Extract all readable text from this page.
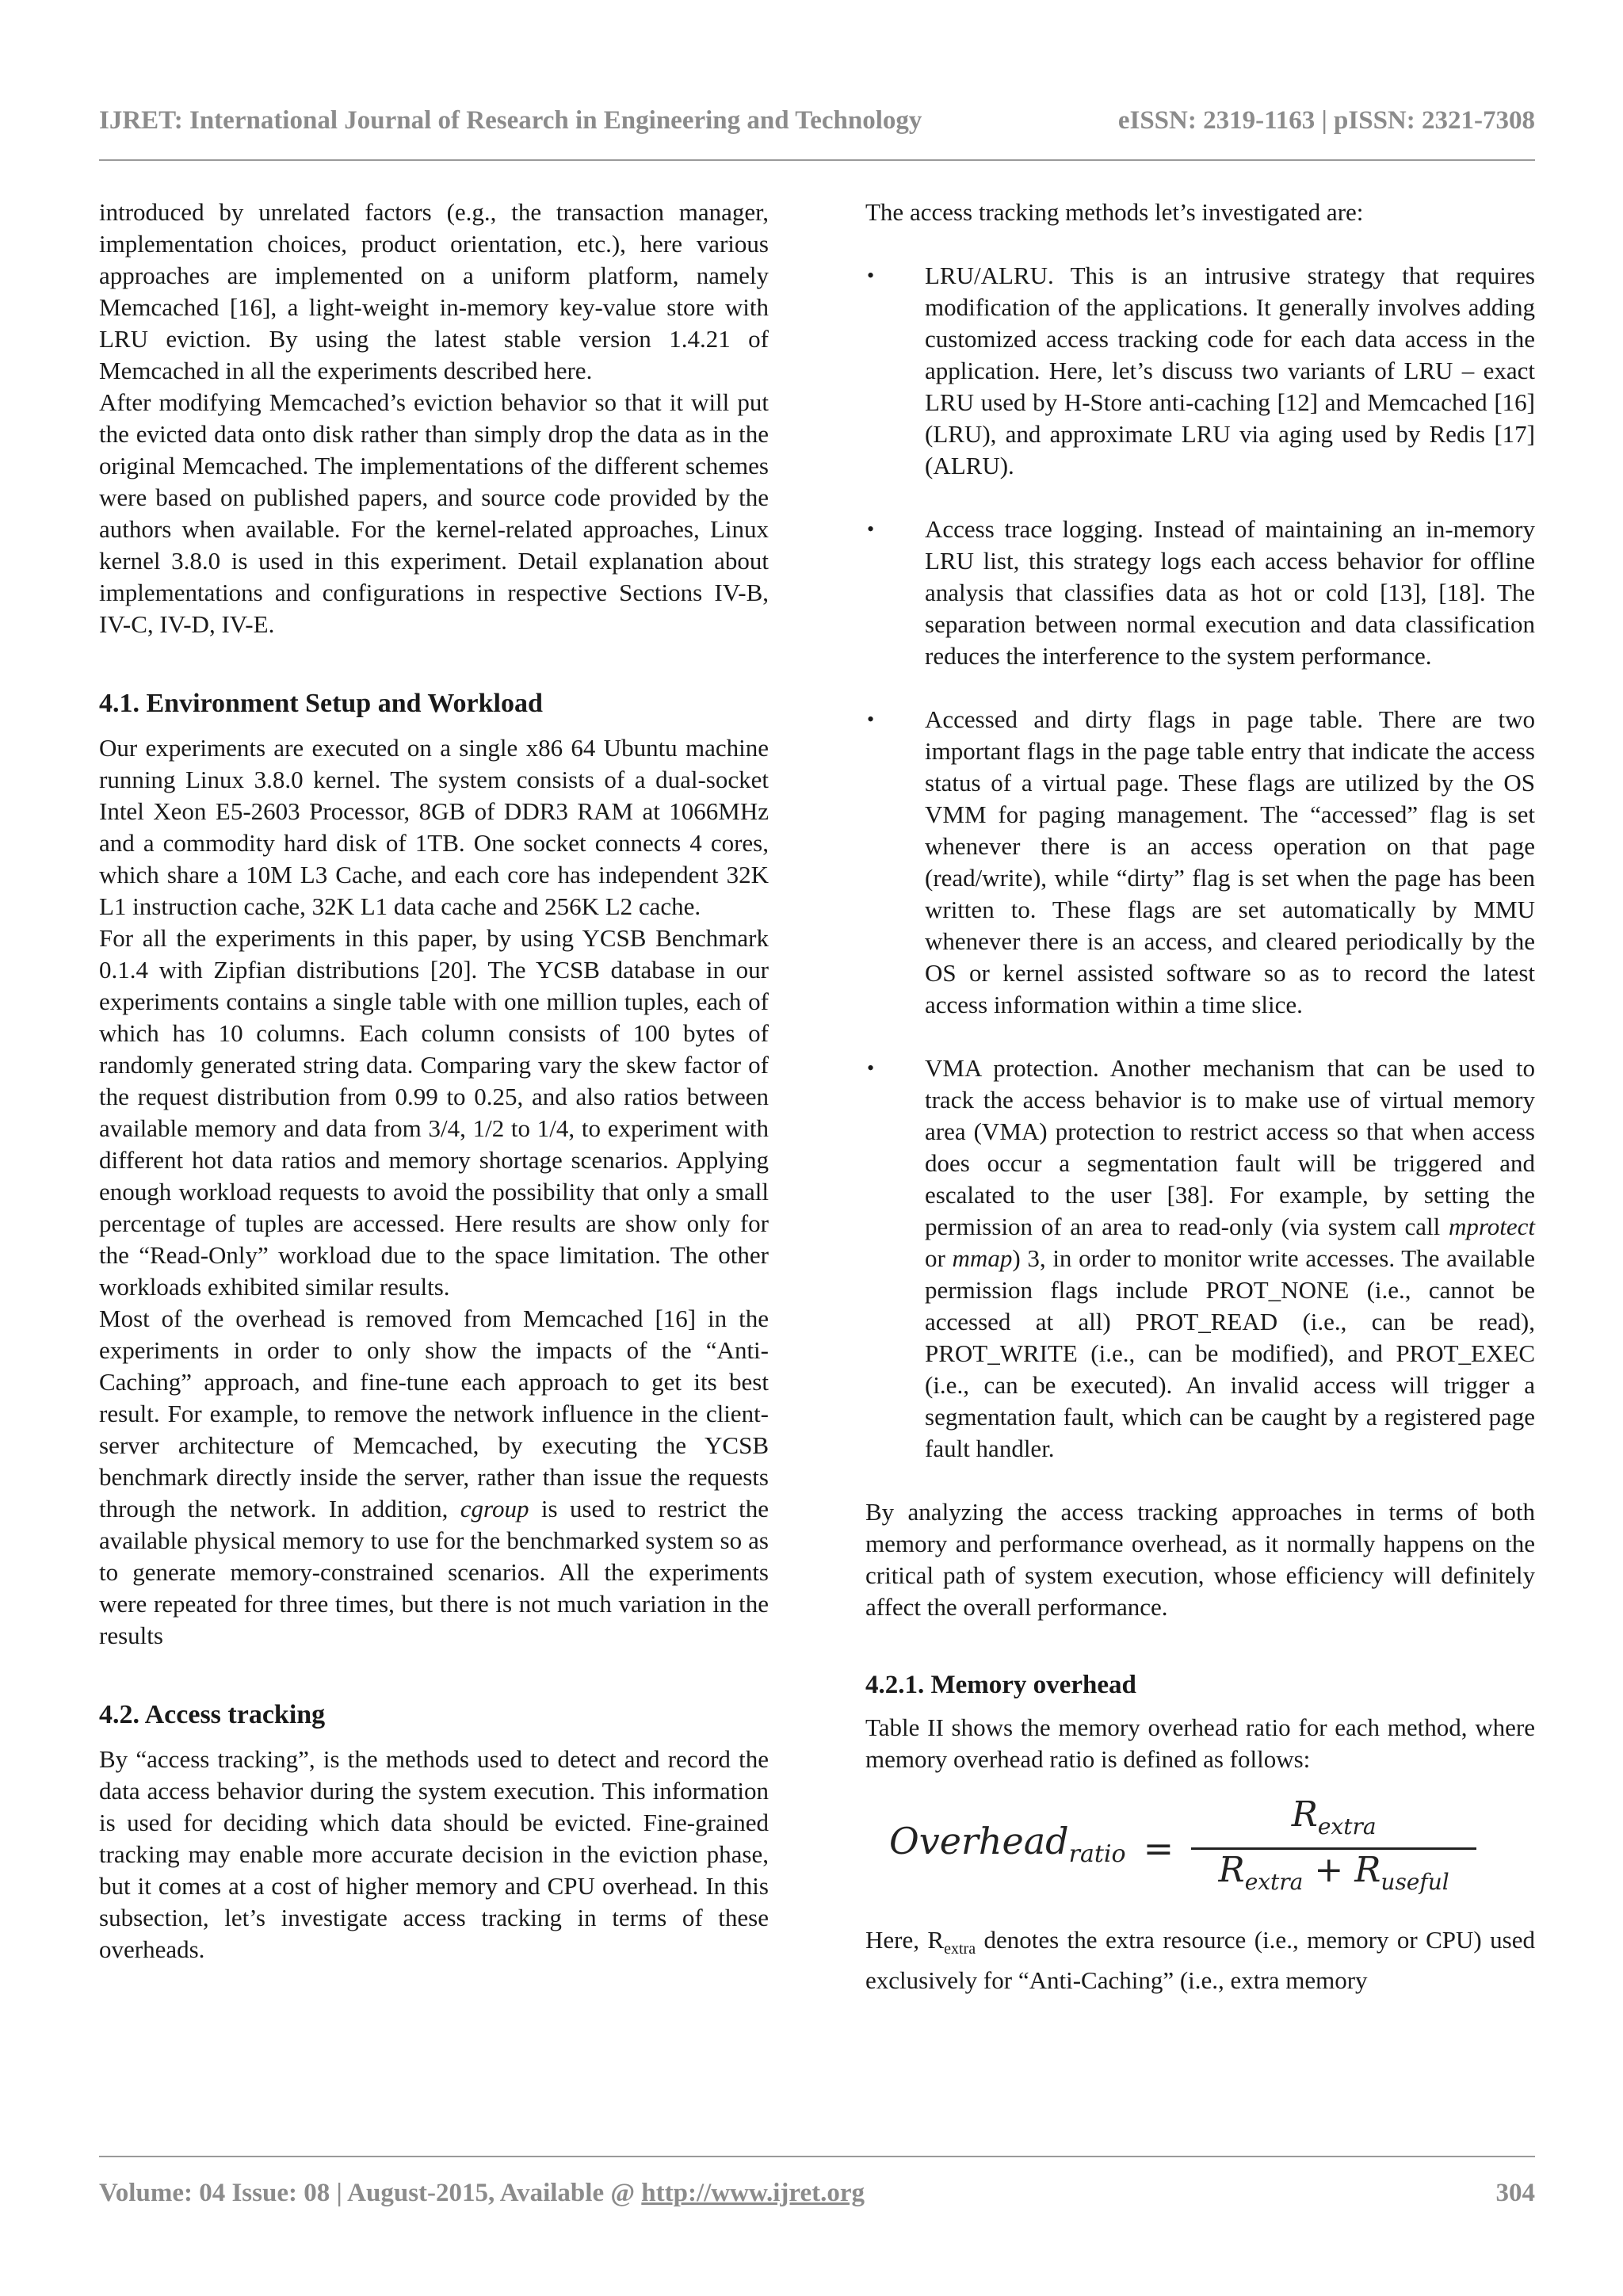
IJRET: International Journal of Research in Engineering and Technology	eISSN: 2319-1163 | pISSN: 2321-7308

introduced by unrelated factors (e.g., the transaction manager, implementation choices, product orientation, etc.), here various approaches are implemented on a uniform platform, namely Memcached [16], a light-weight in-memory key-value store with LRU eviction. By using the latest stable version 1.4.21 of Memcached in all the experiments described here.

After modifying Memcached’s eviction behavior so that it will put the evicted data onto disk rather than simply drop the data as in the original Memcached. The implementations of the different schemes were based on published papers, and source code provided by the authors when available. For the kernel-related approaches, Linux kernel 3.8.0 is used in this experiment. Detail explanation about implementations and configurations in respective Sections IV-B, IV-C, IV-D, IV-E.

4.1. Environment Setup and Workload

Our experiments are executed on a single x86 64 Ubuntu machine running Linux 3.8.0 kernel. The system consists of a dual-socket Intel Xeon E5-2603 Processor, 8GB of DDR3 RAM at 1066MHz and a commodity hard disk of 1TB. One socket connects 4 cores, which share a 10M L3 Cache, and each core has independent 32K L1 instruction cache, 32K L1 data cache and 256K L2 cache.

For all the experiments in this paper, by using YCSB Benchmark 0.1.4 with Zipfian distributions [20]. The YCSB database in our experiments contains a single table with one million tuples, each of which has 10 columns. Each column consists of 100 bytes of randomly generated string data. Comparing vary the skew factor of the request distribution from 0.99 to 0.25, and also ratios between available memory and data from 3/4, 1/2 to 1/4, to experiment with different hot data ratios and memory shortage scenarios. Applying enough workload requests to avoid the possibility that only a small percentage of tuples are accessed. Here results are show only for the “Read-Only” workload due to the space limitation. The other workloads exhibited similar results.

Most of the overhead is removed from Memcached [16] in the experiments in order to only show the impacts of the “Anti-Caching” approach, and fine-tune each approach to get its best result. For example, to remove the network influence in the client-server architecture of Memcached, by executing the YCSB benchmark directly inside the server, rather than issue the requests through the network. In addition, cgroup is used to restrict the available physical memory to use for the benchmarked system so as to generate memory-constrained scenarios. All the experiments were repeated for three times, but there is not much variation in the results

4.2. Access tracking

By “access tracking”, is the methods used to detect and record the data access behavior during the system execution. This information is used for deciding which data should be evicted. Fine-grained tracking may enable more accurate decision in the eviction phase, but it comes at a cost of higher memory and CPU overhead. In this subsection, let’s investigate access tracking in terms of these overheads.

The access tracking methods let’s investigated are:

• LRU/ALRU. This is an intrusive strategy that requires modification of the applications. It generally involves adding customized access tracking code for each data access in the application. Here, let’s discuss two variants of LRU – exact LRU used by H-Store anti-caching [12] and Memcached [16] (LRU), and approximate LRU via aging used by Redis [17] (ALRU).
• Access trace logging. Instead of maintaining an in-memory LRU list, this strategy logs each access behavior for offline analysis that classifies data as hot or cold [13], [18]. The separation between normal execution and data classification reduces the interference to the system performance.
• Accessed and dirty flags in page table. There are two important flags in the page table entry that indicate the access status of a virtual page. These flags are utilized by the OS VMM for paging management. The “accessed” flag is set whenever there is an access operation on that page (read/write), while “dirty” flag is set when the page has been written to. These flags are set automatically by MMU whenever there is an access, and cleared periodically by the OS or kernel assisted software so as to record the latest access information within a time slice.
• VMA protection. Another mechanism that can be used to track the access behavior is to make use of virtual memory area (VMA) protection to restrict access so that when access does occur a segmentation fault will be triggered and escalated to the user [38]. For example, by setting the permission of an area to read-only (via system call mprotect or mmap) 3, in order to monitor write accesses. The available permission flags include PROT_NONE (i.e., cannot be accessed at all) PROT_READ (i.e., can be read), PROT_WRITE (i.e., can be modified), and PROT_EXEC (i.e., can be executed). An invalid access will trigger a segmentation fault, which can be caught by a registered page fault handler.

By analyzing the access tracking approaches in terms of both memory and performance overhead, as it normally happens on the critical path of system execution, whose efficiency will definitely affect the overall performance.

4.2.1. Memory overhead

Table II shows the memory overhead ratio for each method, where memory overhead ratio is defined as follows:

Overhead$_{ratio}$ = $\frac{R_{extra}}{R_{extra} + R_{useful}}$

Here, $R_{extra}$ denotes the extra resource (i.e., memory or CPU) used exclusively for “Anti-Caching” (i.e., extra memory

Volume: 04 Issue: 08 | August-2015, Available @ http://www.ijret.org	304
